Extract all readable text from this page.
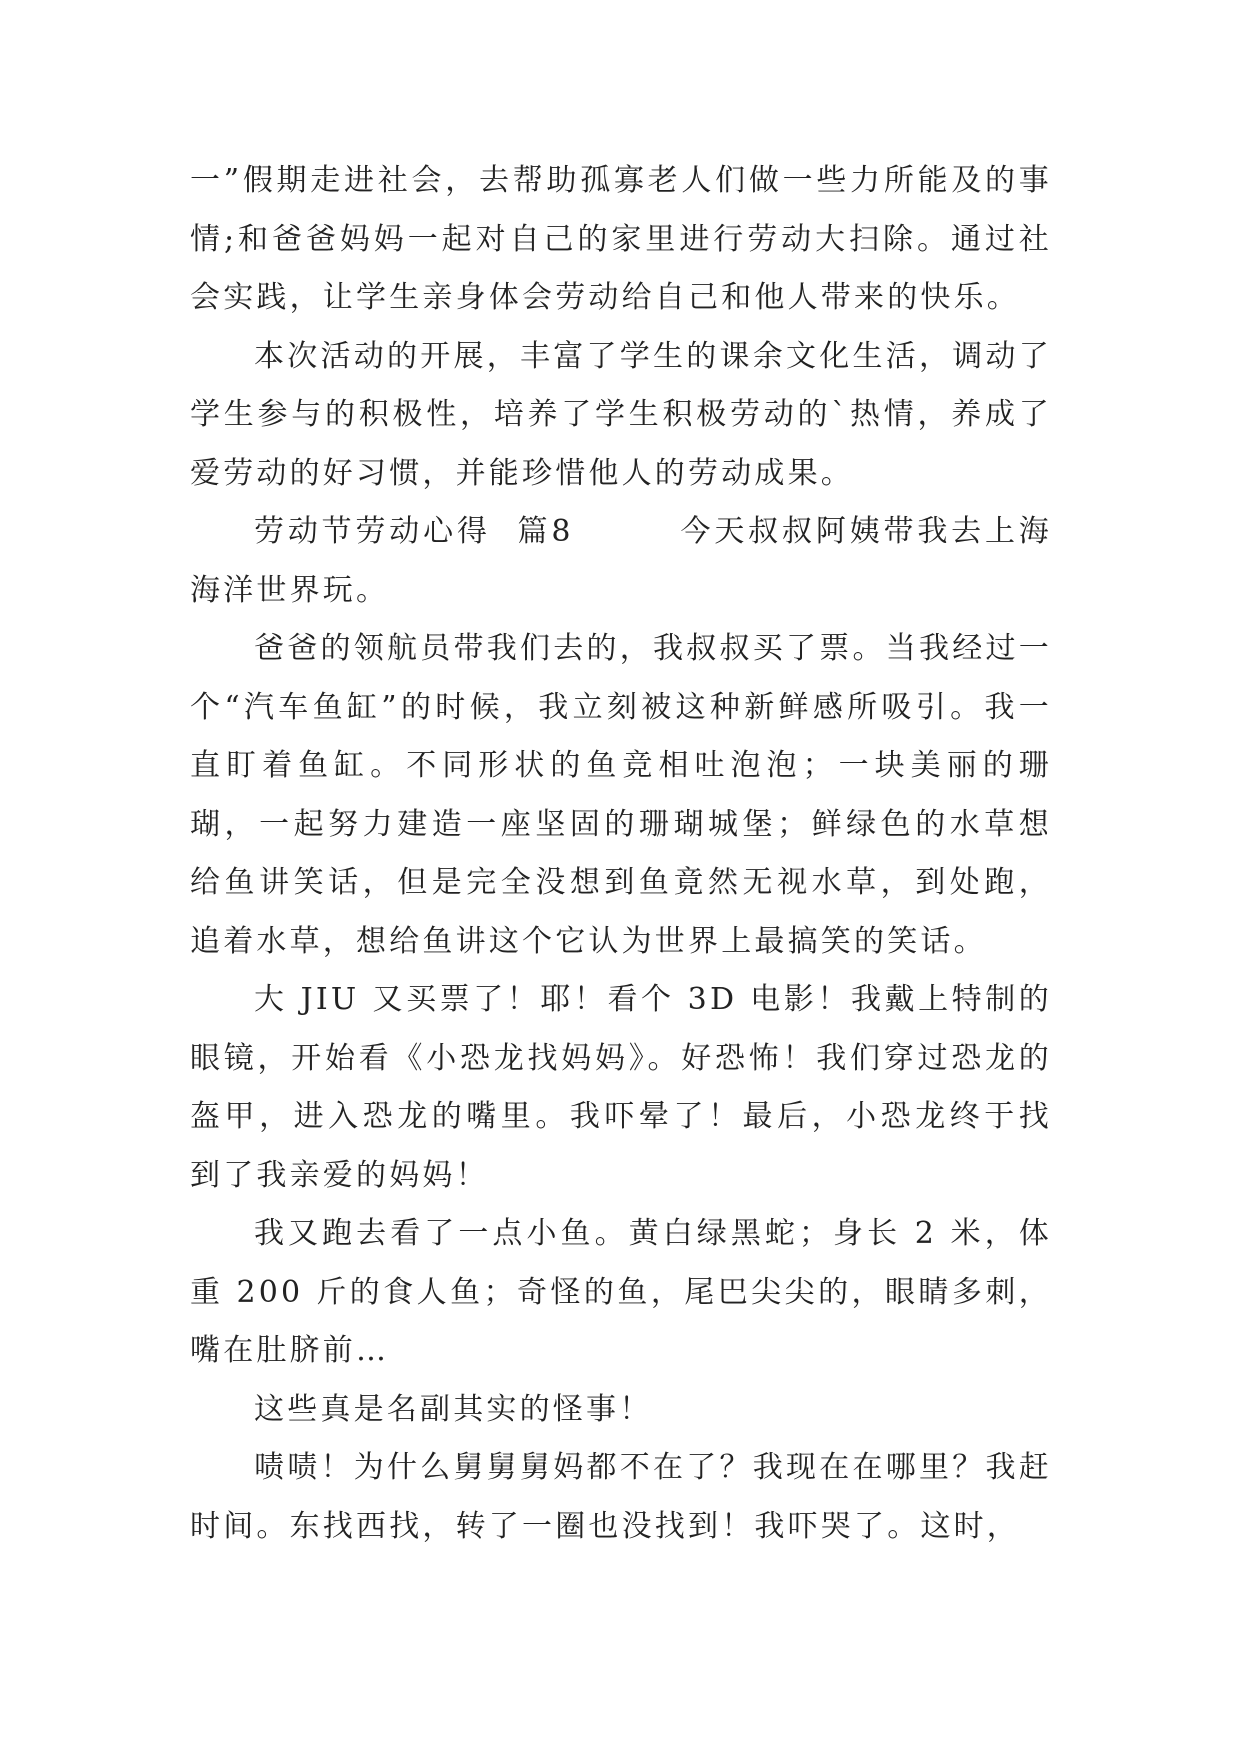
一”假期走进社会，去帮助孤寡老人们做一些力所能及的事情;和爸爸妈妈一起对自己的家里进行劳动大扫除。通过社会实践，让学生亲身体会劳动给自己和他人带来的快乐。

本次活动的开展，丰富了学生的课余文化生活，调动了学生参与的积极性，培养了学生积极劳动的`热情，养成了爱劳动的好习惯，并能珍惜他人的劳动成果。

劳动节劳动心得  篇8        今天叔叔阿姨带我去上海海洋世界玩。

爸爸的领航员带我们去的，我叔叔买了票。当我经过一个“汽车鱼缸”的时候，我立刻被这种新鲜感所吸引。我一直盯着鱼缸。不同形状的鱼竞相吐泡泡；一块美丽的珊瑚，一起努力建造一座坚固的珊瑚城堡；鲜绿色的水草想给鱼讲笑话，但是完全没想到鱼竟然无视水草，到处跑，追着水草，想给鱼讲这个它认为世界上最搞笑的笑话。

大 JIU 又买票了！耶！看个 3D 电影！我戴上特制的眼镜，开始看《小恐龙找妈妈》。好恐怖！我们穿过恐龙的盔甲，进入恐龙的嘴里。我吓晕了！最后，小恐龙终于找到了我亲爱的妈妈！

我又跑去看了一点小鱼。黄白绿黑蛇；身长 2 米，体重 200 斤的食人鱼；奇怪的鱼，尾巴尖尖的，眼睛多刺，嘴在肚脐前…

这些真是名副其实的怪事！

啧啧！为什么舅舅舅妈都不在了？我现在在哪里？我赶时间。东找西找，转了一圈也没找到！我吓哭了。这时，
